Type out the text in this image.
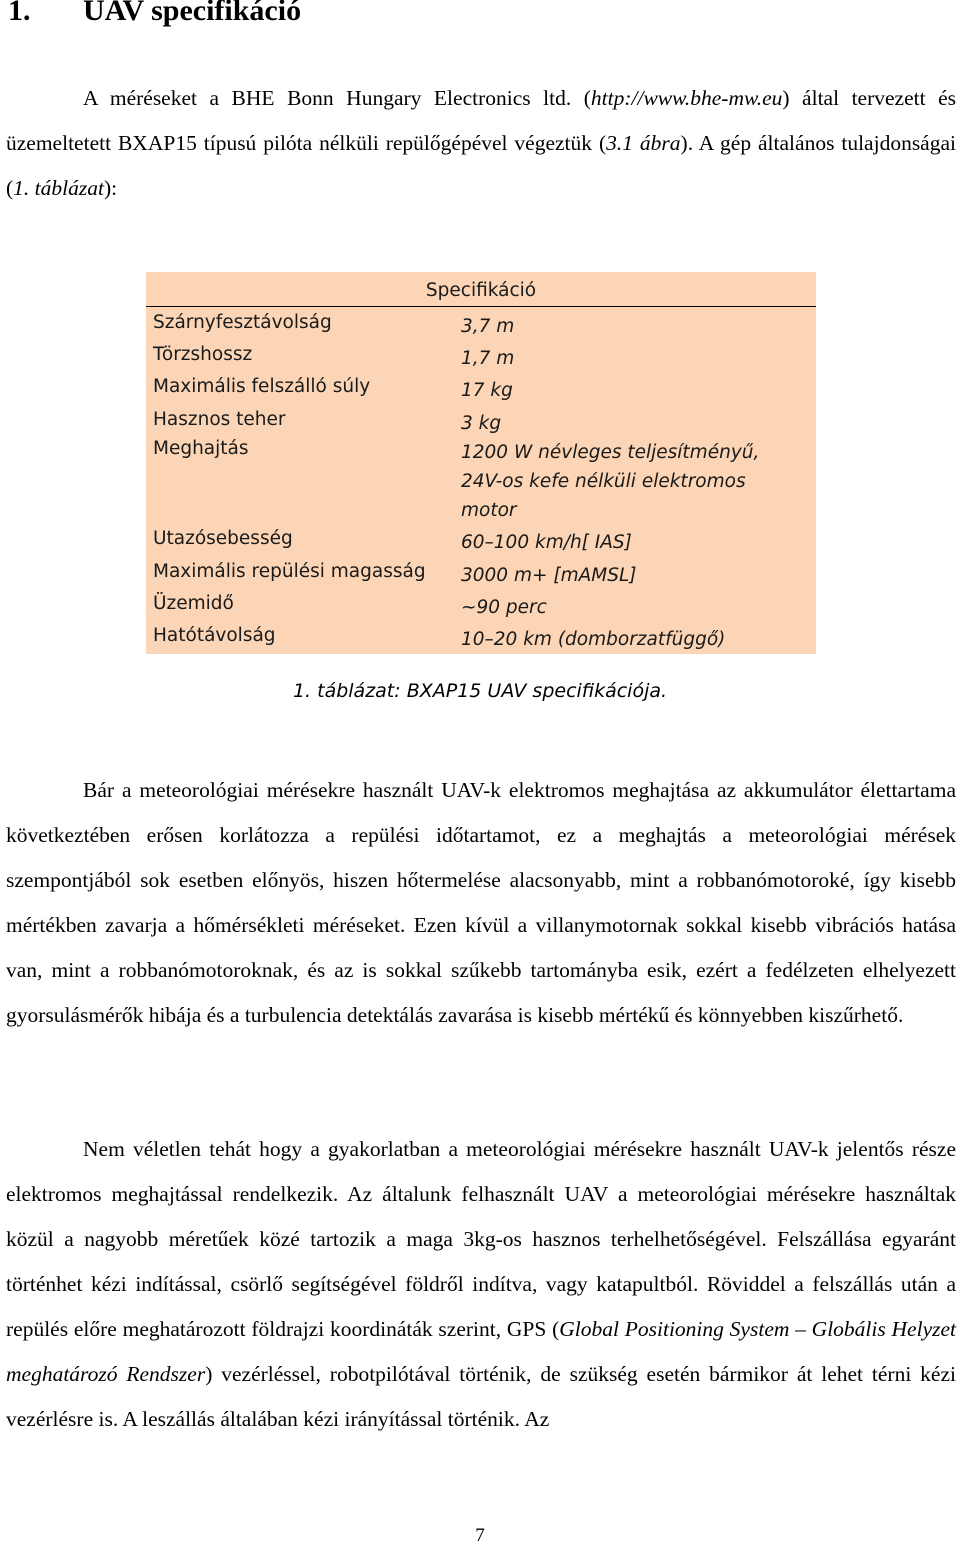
1. UAV specifikáció
A méréseket a BHE Bonn Hungary Electronics ltd. (http://www.bhe-mw.eu) által tervezett és üzemeltetett BXAP15 típusú pilóta nélküli repülőgépével végeztük (3.1 ábra). A gép általános tulajdonságai (1. táblázat):
Specifikáció
Szárnyfesztávolság	3,7 m
Törzshossz	1,7 m
Maximális felszálló súly	17 kg
Hasznos teher	3 kg
Meghajtás	1200 W névleges teljesítményű, 24V-os kefe nélküli elektromos motor
Utazósebesség	60–100 km/h[ IAS]
Maximális repülési magasság 3000 m+ [mAMSL]
Üzemidő	~90 perc
Hatótávolság	10–20 km (domborzatfüggő)
1. táblázat: BXAP15 UAV specifikációja.
Bár a meteorológiai mérésekre használt UAV-k elektromos meghajtása az akkumulátor élettartama következtében erősen korlátozza a repülési időtartamot, ez a meghajtás a meteorológiai mérések szempontjából sok esetben előnyös, hiszen hőtermelése alacsonyabb, mint a robbanómotoroké, így kisebb mértékben zavarja a hőmérsékleti méréseket. Ezen kívül a villanymotornak sokkal kisebb vibrációs hatása van, mint a robbanómotoroknak, és az is sokkal szűkebb tartományba esik, ezért a fedélzeten elhelyezett gyorsulásmérők hibája és a turbulencia detektálás zavarása is kisebb mértékű és könnyebben kiszűrhető.
Nem véletlen tehát hogy a gyakorlatban a meteorológiai mérésekre használt UAV-k jelentős része elektromos meghajtással rendelkezik. Az általunk felhasznált UAV a meteorológiai mérésekre használtak közül a nagyobb méretűek közé tartozik a maga 3kg-os hasznos terhelhetőségével. Felszállása egyaránt történhet kézi indítással, csörlő segítségével földről indítva, vagy katapultból. Röviddel a felszállás után a repülés előre meghatározott földrajzi koordináták szerint, GPS (Global Positioning System – Globális Helyzet meghatározó Rendszer) vezérléssel, robotpilótával történik, de szükség esetén bármikor át lehet térni kézi vezérlésre is. A leszállás általában kézi irányítással történik. Az
7
